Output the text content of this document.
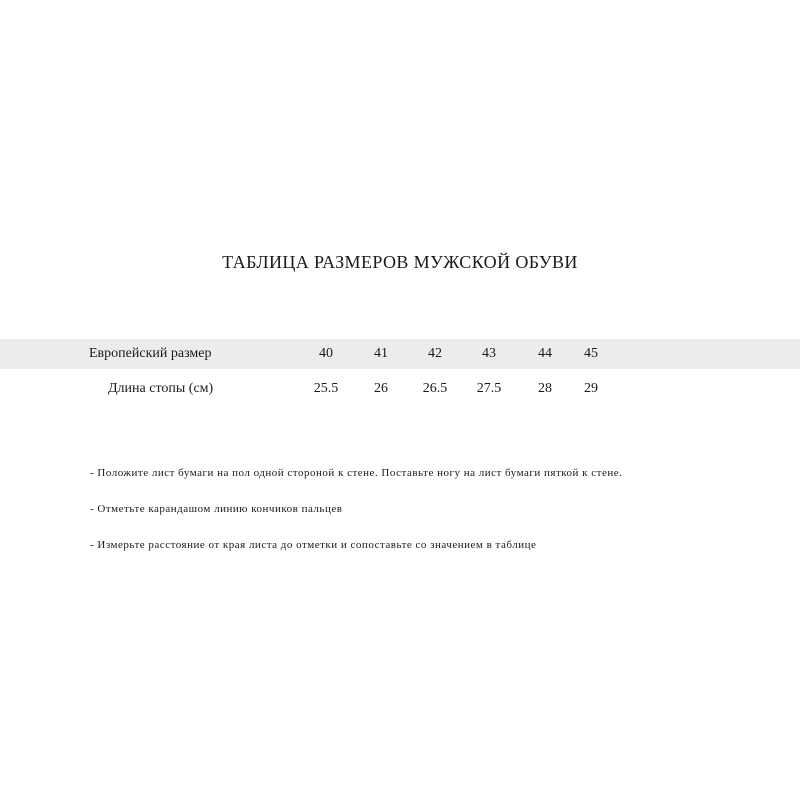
ТАБЛИЦА РАЗМЕРОВ МУЖСКОЙ ОБУВИ
Европейский размер	40	41	42	43	44	45
Длина стопы (см)	25.5	26	26.5	27.5	28	29
- Положите лист бумаги на пол одной стороной к стене. Поставьте ногу на лист бумаги пяткой к стене.
- Отметьте карандашом линию кончиков пальцев
- Измерьте расстояние от края листа до отметки и сопоставьте со значением в таблице
